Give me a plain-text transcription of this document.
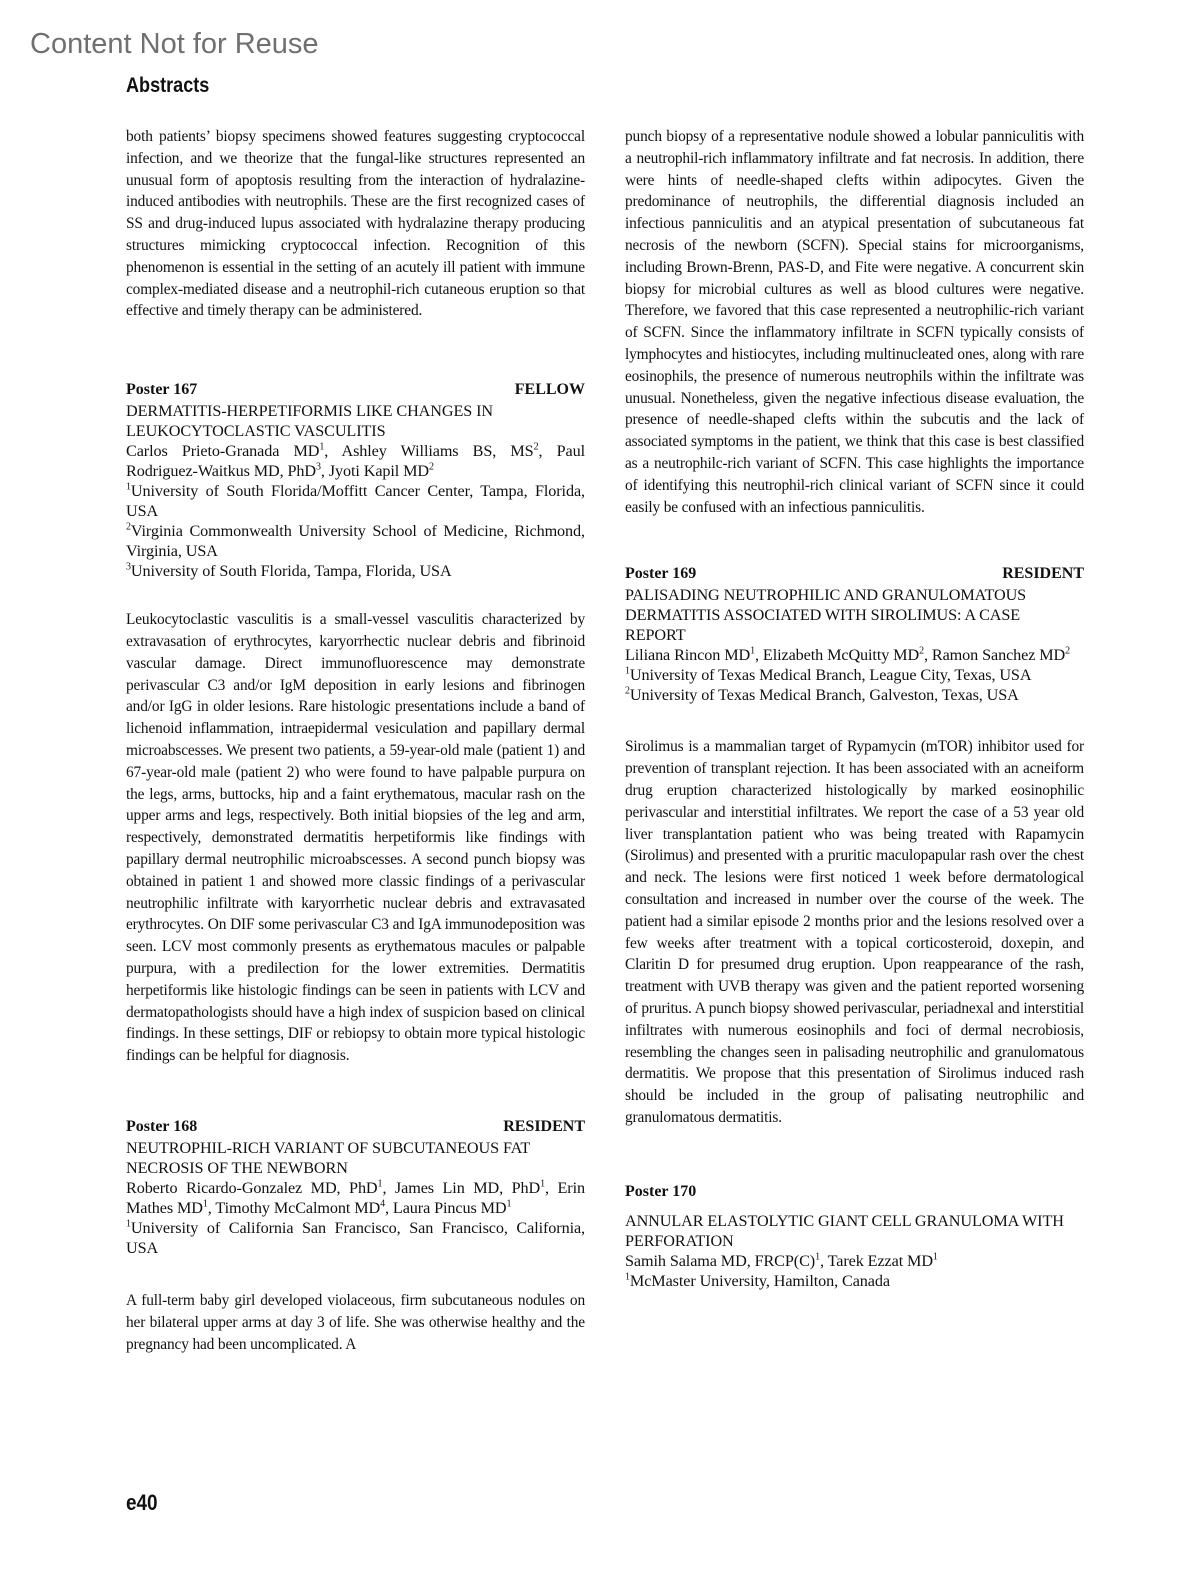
Content Not for Reuse
Abstracts

both patients’ biopsy specimens showed features suggesting cryptococcal infection, and we theorize that the fungal-like structures represented an unusual form of apoptosis resulting from the interaction of hydralazine-induced antibodies with neutrophils. These are the first recognized cases of SS and drug-induced lupus associated with hydralazine therapy producing structures mimicking cryptococcal infection. Recognition of this phenomenon is essential in the setting of an acutely ill patient with immune complex-mediated disease and a neutrophil-rich cutaneous eruption so that effective and timely therapy can be administered.

Poster 167	FELLOW
DERMATITIS-HERPETIFORMIS LIKE CHANGES IN LEUKOCYTOCLASTIC VASCULITIS
Carlos Prieto-Granada $MD^1$, Ashley Williams BS, $MS^2$, Paul Rodriguez-Waitkus MD, PhD$^3$, Jyoti Kapil $MD^2$
$^1$University of South Florida/Moffitt Cancer Center, Tampa, Florida, USA
$^2$Virginia Commonwealth University School of Medicine, Richmond, Virginia, USA
$^3$University of South Florida, Tampa, Florida, USA

Leukocytoclastic vasculitis is a small-vessel vasculitis characterized by extravasation of erythrocytes, karyorrhectic nuclear debris and fibrinoid vascular damage. Direct immunofluorescence may demonstrate perivascular C3 and/or IgM deposition in early lesions and fibrinogen and/or IgG in older lesions. Rare histologic presentations include a band of lichenoid inflammation, intraepidermal vesiculation and papillary dermal microabscesses. We present two patients, a 59-year-old male (patient 1) and 67-year-old male (patient 2) who were found to have palpable purpura on the legs, arms, buttocks, hip and a faint erythematous, macular rash on the upper arms and legs, respectively. Both initial biopsies of the leg and arm, respectively, demonstrated dermatitis herpetiformis like findings with papillary dermal neutrophilic microabscesses. A second punch biopsy was obtained in patient 1 and showed more classic findings of a perivascular neutrophilic infiltrate with karyorrhetic nuclear debris and extravasated erythrocytes. On DIF some perivascular C3 and IgA immunodeposition was seen. LCV most commonly presents as erythematous macules or palpable purpura, with a predilection for the lower extremities. Dermatitis herpetiformis like histologic findings can be seen in patients with LCV and dermatopathologists should have a high index of suspicion based on clinical findings. In these settings, DIF or rebiopsy to obtain more typical histologic findings can be helpful for diagnosis.

Poster 168	RESIDENT
NEUTROPHIL-RICH VARIANT OF SUBCUTANEOUS FAT NECROSIS OF THE NEWBORN
Roberto Ricardo-Gonzalez MD, PhD$^1$, James Lin MD, PhD$^1$, Erin Mathes $MD^1$, Timothy McCalmont $MD^4$, Laura Pincus $MD^1$
$^1$University of California San Francisco, San Francisco, California, USA

A full-term baby girl developed violaceous, firm subcutaneous nodules on her bilateral upper arms at day 3 of life. She was otherwise healthy and the pregnancy had been uncomplicated. A

punch biopsy of a representative nodule showed a lobular panniculitis with a neutrophil-rich inflammatory infiltrate and fat necrosis. In addition, there were hints of needle-shaped clefts within adipocytes. Given the predominance of neutrophils, the differential diagnosis included an infectious panniculitis and an atypical presentation of subcutaneous fat necrosis of the newborn (SCFN). Special stains for microorganisms, including Brown-Brenn, PAS-D, and Fite were negative. A concurrent skin biopsy for microbial cultures as well as blood cultures were negative. Therefore, we favored that this case represented a neutrophilic-rich variant of SCFN. Since the inflammatory infiltrate in SCFN typically consists of lymphocytes and histiocytes, including multinucleated ones, along with rare eosinophils, the presence of numerous neutrophils within the infiltrate was unusual. Nonetheless, given the negative infectious disease evaluation, the presence of needle-shaped clefts within the subcutis and the lack of associated symptoms in the patient, we think that this case is best classified as a neutrophilc-rich variant of SCFN. This case highlights the importance of identifying this neutrophil-rich clinical variant of SCFN since it could easily be confused with an infectious panniculitis.

Poster 169	RESIDENT
PALISADING NEUTROPHILIC AND GRANULOMATOUS DERMATITIS ASSOCIATED WITH SIROLIMUS: A CASE REPORT
Liliana Rincon $MD^1$, Elizabeth McQuitty $MD^2$, Ramon Sanchez $MD^2$
$^1$University of Texas Medical Branch, League City, Texas, USA
$^2$University of Texas Medical Branch, Galveston, Texas, USA

Sirolimus is a mammalian target of Rypamycin (mTOR) inhibitor used for prevention of transplant rejection. It has been associated with an acneiform drug eruption characterized histologically by marked eosinophilic perivascular and interstitial infiltrates. We report the case of a 53 year old liver transplantation patient who was being treated with Rapamycin (Sirolimus) and presented with a pruritic maculopapular rash over the chest and neck. The lesions were first noticed 1 week before dermatological consultation and increased in number over the course of the week. The patient had a similar episode 2 months prior and the lesions resolved over a few weeks after treatment with a topical corticosteroid, doxepin, and Claritin D for presumed drug eruption. Upon reappearance of the rash, treatment with UVB therapy was given and the patient reported worsening of pruritus. A punch biopsy showed perivascular, periadnexal and interstitial infiltrates with numerous eosinophils and foci of dermal necrobiosis, resembling the changes seen in palisading neutrophilic and granulomatous dermatitis. We propose that this presentation of Sirolimus induced rash should be included in the group of palisating neutrophilic and granulomatous dermatitis.

Poster 170
ANNULAR ELASTOLYTIC GIANT CELL GRANULOMA WITH PERFORATION
Samih Salama MD, $FRCP(C)^1$, Tarek Ezzat $MD^1$
$^1$McMaster University, Hamilton, Canada
e40
